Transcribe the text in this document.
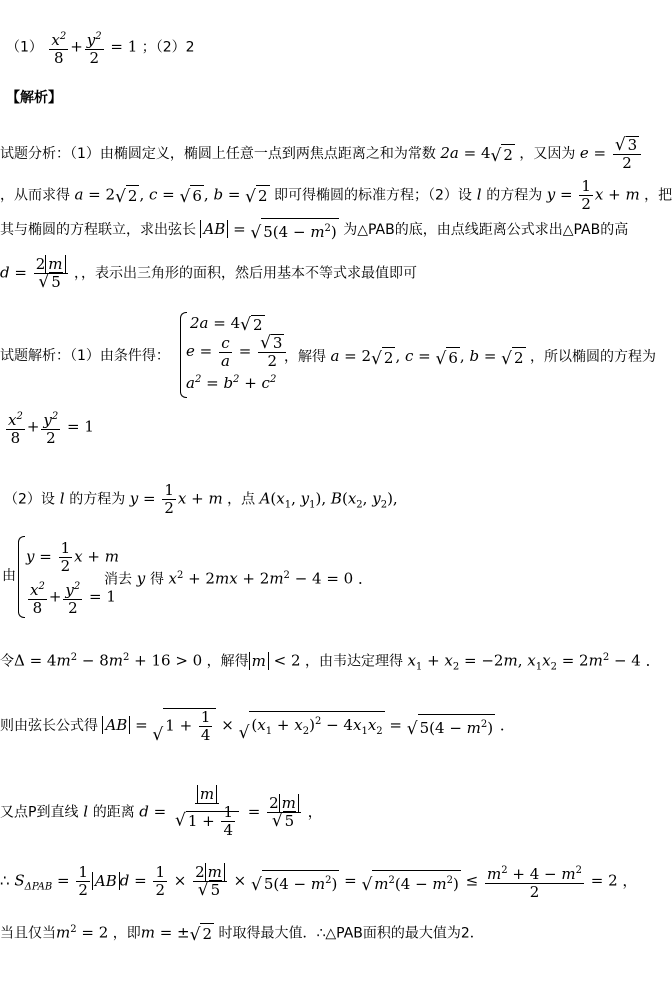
$(1) \frac{x^2}{8} + \frac{y^2}{2} = 1$ ；（2）2
【解析】
试题分析：（1）由椭圆定义，椭圆上任意一点到两焦点距离之和为常数 2a = 4 √ 2 ，又因为 $e = \frac{√ 3}{2}$
，从而求得 a = 2 √ 2 , c = √ 6 , b = √ 2 即可得椭圆的标准方程；（2）设 l 的方程为 $y = \frac{1}{2}$ x + m ，把
其与椭圆的方程联立，求出弦长 AB = √ $5(4 - m^2)$ 为△PAB的底，由点线距离公式求出△PAB的高
$d = \frac{2 m}{√ 5}$ ，，表示出三角形的面积，然后用基本不等式求最值即可
2a = 4 √ 2
$e = \frac{c}{a} = \frac{√ 3}{2}$
$a^2 = b^2 + c^2$
试题解析：（1）由条件得：	，解得 a = 2 √ 2 , c = √ 6 , b = √ 2 ，所以椭圆的方程为
$\frac{x^2}{8} + \frac{y^2}{2} = 1$
（2）设 l 的方程为 $y = \frac{1}{2}$ x + m ，点 $A(x_1$, $y_1$), $B(x_2$, $y_2$),
由
$y = \frac{1}{2}$ x + m
$\frac{x^2}{8} + \frac{y^2}{2} = 1$
消去 y 得 $x^2 + 2mx + 2m^2 - 4 = 0$ ．
令$\Delta = 4m^2 - 8m^2 + 16 > 0$ ，解得 m < 2 ，由韦达定理得 $x_1 + x_2 = -2m$, $x_1x_2 = 2m^2 - 4$ ．
则由弦长公式得 AB = √ $1 + \frac{1}{4}$ × √ $(x_1 + x_2)^2 - 4x_1x_2$ = √ $5(4 - m^2)$ ．
又点P到直线 l 的距离 $d = \frac{m}{√ 1 + \frac{1}{4}} = \frac{2 m}{√ 5}$ ，
∴ $S_{\Delta PAB} = \frac{1}{2}$ AB $d = \frac{1}{2} \times \frac{2 m}{√ 5}$ × √ $5(4 - m^2)$ = √ $m^2(4 - m^2) \le \frac{m^2 + 4 - m^2}{2} = 2$ ，
当且仅当$m^2 = 2$ ，即m = ± √ 2 时取得最大值．∴△PAB面积的最大值为2．
